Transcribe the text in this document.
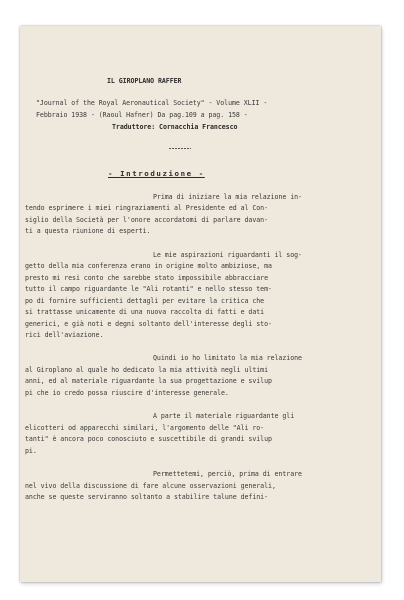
IL GIROPLANO RAFFER

"Journal of the Royal Aeronautical Society" - Volume XLII -

Febbraio 1938 - (Raoul Hafner) Da pag.109 a pag. 158 -

Traduttore: Cornacchia Francesco

- Introduzione -

Prima di iniziare la mia relazione in-

tendo esprimere i miei ringraziamenti al Presidente ed al Con-

siglio della Società per l'onore accordatomi di parlare davan-

ti a questa riunione di esperti.

Le mie aspirazioni riguardanti il sog-

getto della mia conferenza erano in origine molto ambiziose, ma

presto mi resi conto che sarebbe stato impossibile abbracciare

tutto il campo riguardante le "Ali rotanti" e nello stesso tem-

po di fornire sufficienti dettagli per evitare la critica che

si trattasse unicamente di una nuova raccolta di fatti e dati

generici, e già noti e degni soltanto dell'interesse degli sto-

rici dell'aviazione.

Quindi io ho limitato la mia relazione

al Giroplano al quale ho dedicato la mia attività negli ultimi

anni, ed al materiale riguardante la sua progettazione e svilup

pi che io credo possa riuscire d'interesse generale.

A parte il materiale riguardante gli

elicotteri od apparecchi similari, l'argomento delle "Ali ro-

tanti" è ancora poco conosciuto e suscettibile di grandi svilup

pi.

Permettetemi, perciò, prima di entrare

nel vivo della discussione di fare alcune osservazioni generali,

anche se queste serviranno soltanto a stabilire talune defini-
